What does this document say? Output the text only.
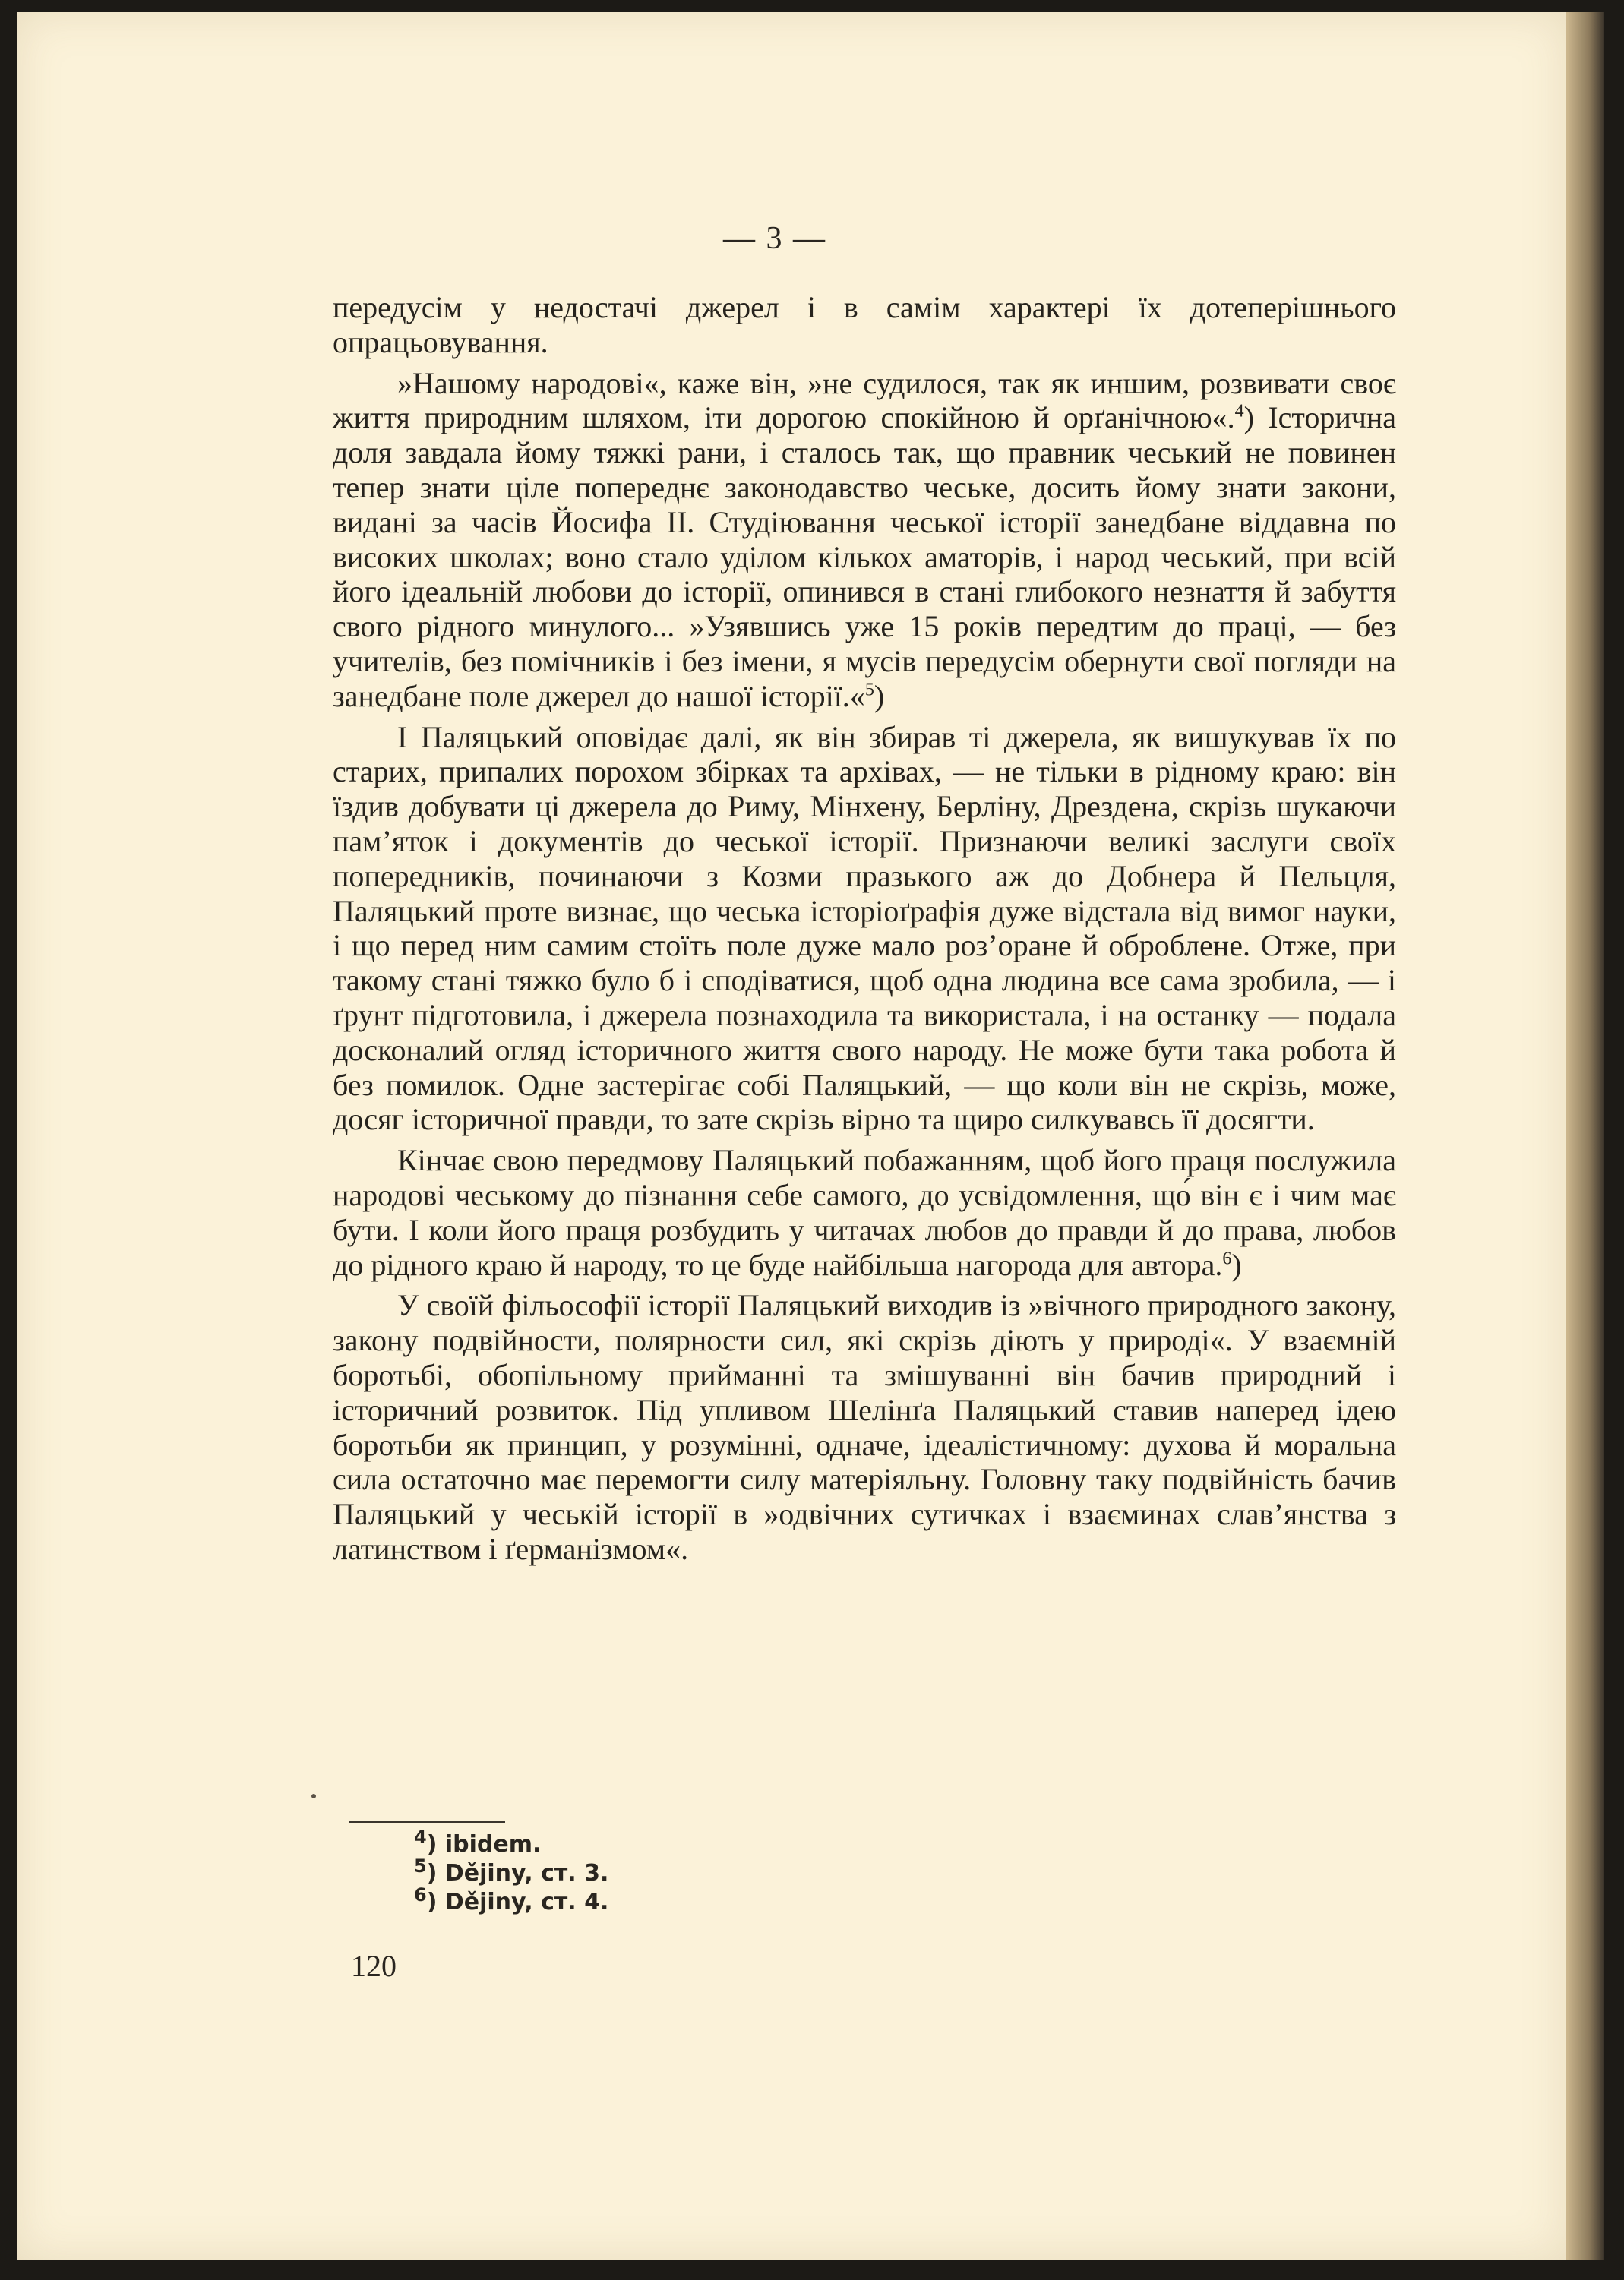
— 3 —

передусім у недостачі джерел і в самім характері їх дотеперішнього опрацьовування.

»Нашому народові«, каже він, »не судилося, так як иншим, розвивати своє життя природним шляхом, іти дорогою спокійною й орґанічною«.$^4$) Історична доля завдала йому тяжкі рани, і сталось так, що правник чеський не повинен тепер знати ціле попереднє законодавство чеське, досить йому знати закони, видані за часів Йосифа II. Студіювання чеської історії занедбане віддавна по високих школах; воно стало уділом кількох аматорів, і народ чеський, при всій його ідеальній любови до історії, опинився в стані глибокого незнаття й забуття свого рідного минулого... »Узявшись уже 15 років передтим до праці, — без учителів, без помічників і без імени, я мусів передусім обернути свої погляди на занедбане поле джерел до нашої історії.«$^5$)

І Паляцький оповідає далі, як він збирав ті джерела, як вишукував їх по старих, припалих порохом збірках та архівах, — не тільки в рідному краю: він їздив добувати ці джерела до Риму, Мінхену, Берліну, Дрездена, скрізь шукаючи пам’яток і документів до чеської історії. Признаючи великі заслуги своїх попередників, починаючи з Козми празького аж до Добнера й Пельцля, Паляцький проте визнає, що чеська історіоґрафія дуже відстала від вимог науки, і що перед ним самим стоїть поле дуже мало роз’оране й оброблене. Отже, при такому стані тяжко було б і сподіватися, щоб одна людина все сама зробила, — і ґрунт підготовила, і джерела познаходила та використала, і на останку — подала досконалий огляд історичного життя свого народу. Не може бути така робота й без помилок. Одне застерігає собі Паляцький, — що коли він не скрізь, може, досяг історичної правди, то зате скрізь вірно та щиро силкувавсь її досягти.

Кінчає свою передмову Паляцький побажанням, щоб його праця послужила народові чеському до пізнання себе самого, до усвідомлення, що́ він є і чим має бути. І коли його праця розбудить у читачах любов до правди й до права, любов до рідного краю й народу, то це буде найбільша нагорода для автора.$^6$)

У своїй фільософії історії Паляцький виходив із »вічного природного закону, закону подвійности, полярности сил, які скрізь діють у природі«. У взаємній боротьбі, обопільному прийманні та змішуванні він бачив природний і історичний розвиток. Під упливом Шелінґа Паляцький ставив наперед ідею боротьби як принцип, у розумінні, одначе, ідеалістичному: духова й моральна сила остаточно має перемогти силу матеріяльну. Головну таку подвійність бачив Паляцький у чеській історії в »одвічних сутичках і взаєминах слав’янства з латинством і ґерманізмом«.

$^4$) ibidem.
$^5$) Dějiny, ст. 3.
$^6$) Dějiny, ст. 4.
120
